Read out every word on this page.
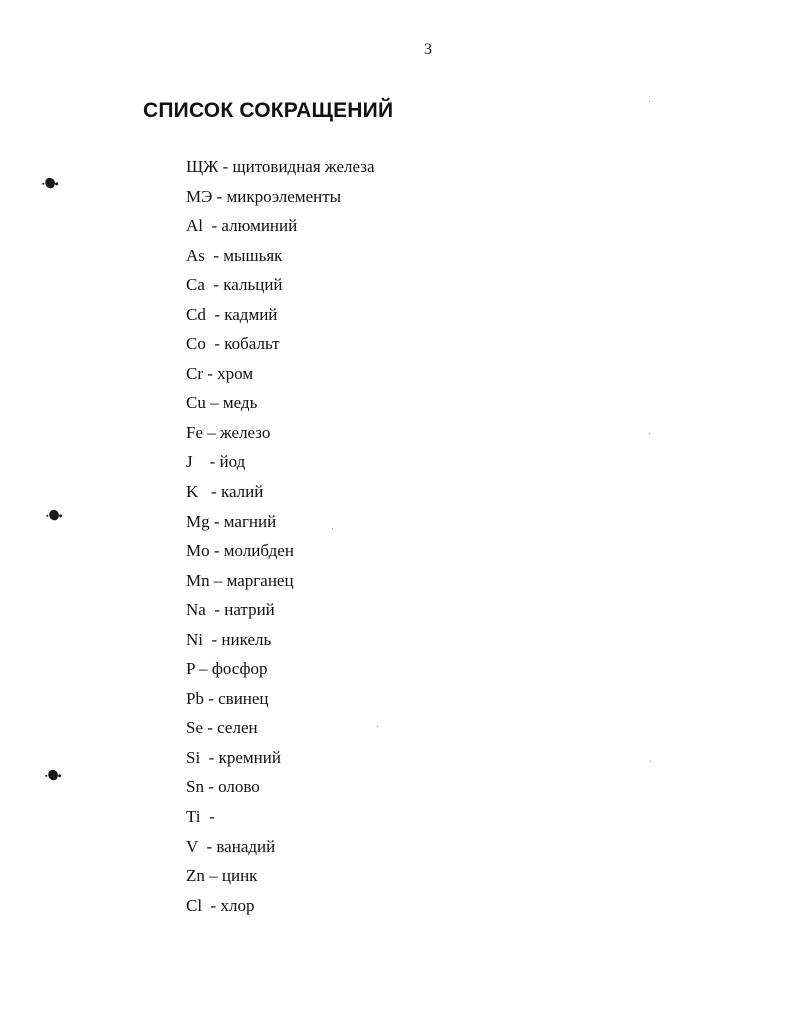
3
СПИСОК СОКРАЩЕНИЙ
ЩЖ - щитовидная железа
МЭ - микроэлементы
Al  - алюминий
As  - мышьяк
Ca  - кальций
Cd  - кадмий
Co  - кобальт
Cr - хром
Cu – медь
Fe – железо
J    - йод
K   - калий
Mg - магний
Mo - молибден
Mn – марганец
Na  - натрий
Ni  - никель
P – фосфор
Pb - свинец
Se - селен
Si  - кремний
Sn - олово
Ti  -
V  - ванадий
Zn – цинк
Cl  - хлор
